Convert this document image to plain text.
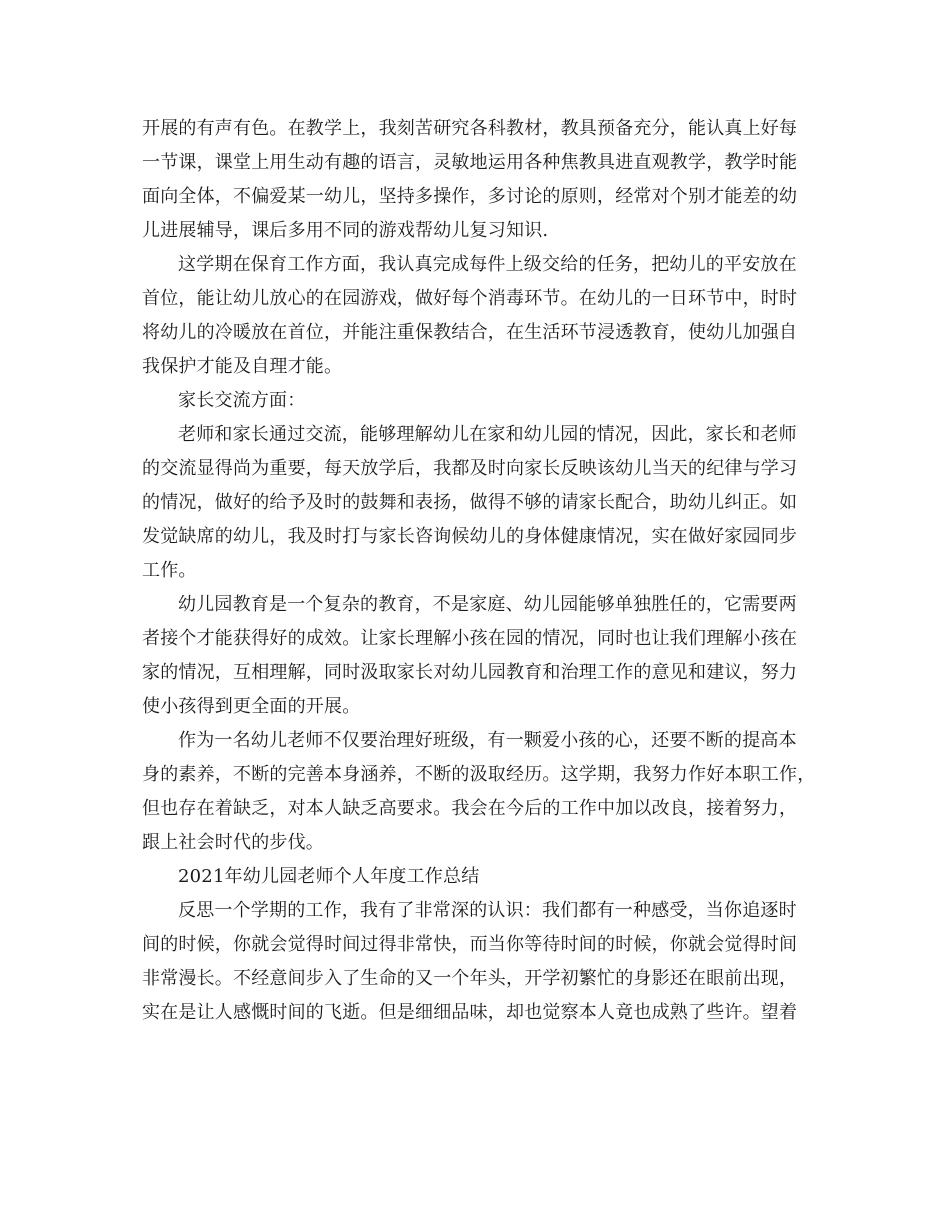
开展的有声有色。在教学上，我刻苦研究各科教材，教具预备充分，能认真上好每
一节课，课堂上用生动有趣的语言，灵敏地运用各种焦教具进直观教学，教学时能
面向全体，不偏爱某一幼儿，坚持多操作，多讨论的原则，经常对个别才能差的幼
儿进展辅导，课后多用不同的游戏帮幼儿复习知识.
这学期在保育工作方面，我认真完成每件上级交给的任务，把幼儿的平安放在
首位，能让幼儿放心的在园游戏，做好每个消毒环节。在幼儿的一日环节中，时时
将幼儿的冷暖放在首位，并能注重保教结合，在生活环节浸透教育，使幼儿加强自
我保护才能及自理才能。
家长交流方面：
老师和家长通过交流，能够理解幼儿在家和幼儿园的情况，因此，家长和老师
的交流显得尚为重要，每天放学后，我都及时向家长反映该幼儿当天的纪律与学习
的情况，做好的给予及时的鼓舞和表扬，做得不够的请家长配合，助幼儿纠正。如
发觉缺席的幼儿，我及时打与家长咨询候幼儿的身体健康情况，实在做好家园同步
工作。
幼儿园教育是一个复杂的教育，不是家庭、幼儿园能够单独胜任的，它需要两
者接个才能获得好的成效。让家长理解小孩在园的情况，同时也让我们理解小孩在
家的情况，互相理解，同时汲取家长对幼儿园教育和治理工作的意见和建议，努力
使小孩得到更全面的开展。
作为一名幼儿老师不仅要治理好班级，有一颗爱小孩的心，还要不断的提高本
身的素养，不断的完善本身涵养，不断的汲取经历。这学期，我努力作好本职工作，
但也存在着缺乏，对本人缺乏高要求。我会在今后的工作中加以改良，接着努力，
跟上社会时代的步伐。
2021年幼儿园老师个人年度工作总结
反思一个学期的工作，我有了非常深的认识：我们都有一种感受，当你追逐时
间的时候，你就会觉得时间过得非常快，而当你等待时间的时候，你就会觉得时间
非常漫长。不经意间步入了生命的又一个年头，开学初繁忙的身影还在眼前出现，
实在是让人感慨时间的飞逝。但是细细品味，却也觉察本人竟也成熟了些许。望着
